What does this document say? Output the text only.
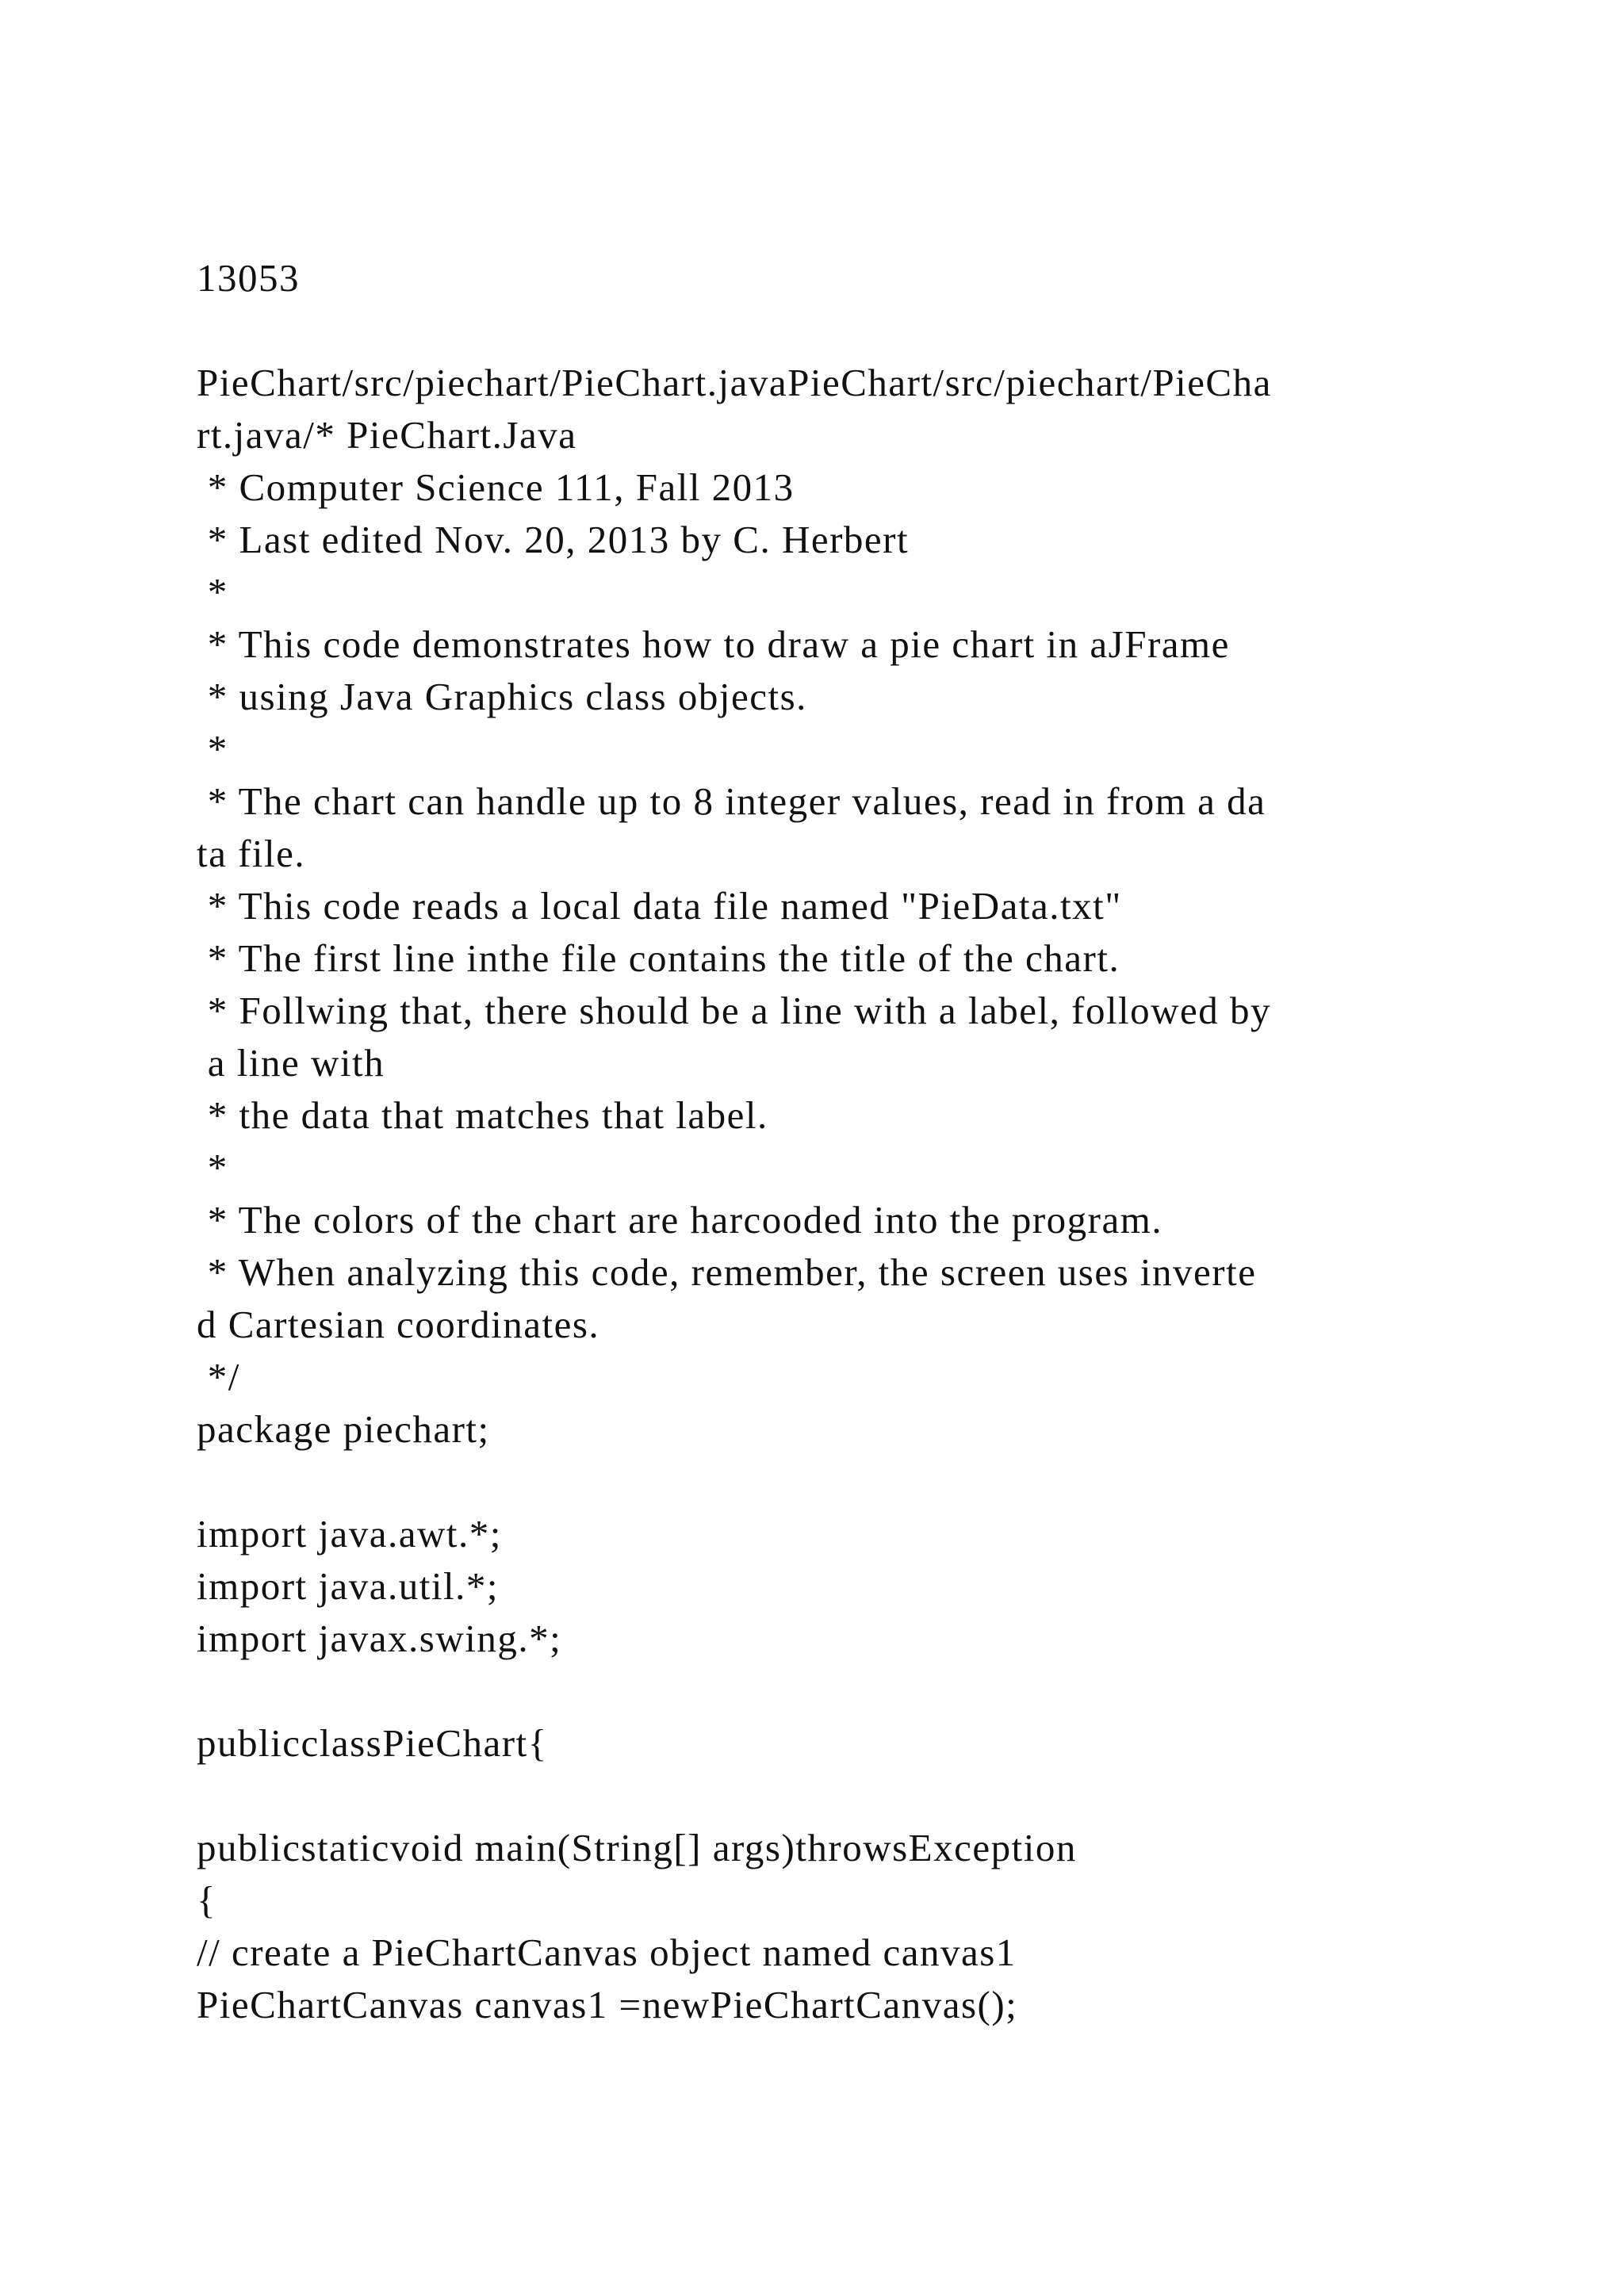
13053

PieChart/src/piechart/PieChart.javaPieChart/src/piechart/PieCha

rt.java/* PieChart.Java

* Computer Science 111, Fall 2013

* Last edited Nov. 20, 2013 by C. Herbert

*

* This code demonstrates how to draw a pie chart in aJFrame

* using Java Graphics class objects.

*

* The chart can handle up to 8 integer values, read in from a da

ta file.

* This code reads a local data file named "PieData.txt"

* The first line inthe file contains the title of the chart.

* Follwing that, there should be a line with a label, followed by

a line with

* the data that matches that label.

*

* The colors of the chart are harcooded into the program.

* When analyzing this code, remember, the screen uses inverte

d Cartesian coordinates.

*/

package piechart;

import java.awt.*;

import java.util.*;

import javax.swing.*;

publicclassPieChart{

publicstaticvoid main(String[] args)throwsException

{

// create a PieChartCanvas object named canvas1

PieChartCanvas canvas1 =newPieChartCanvas();
